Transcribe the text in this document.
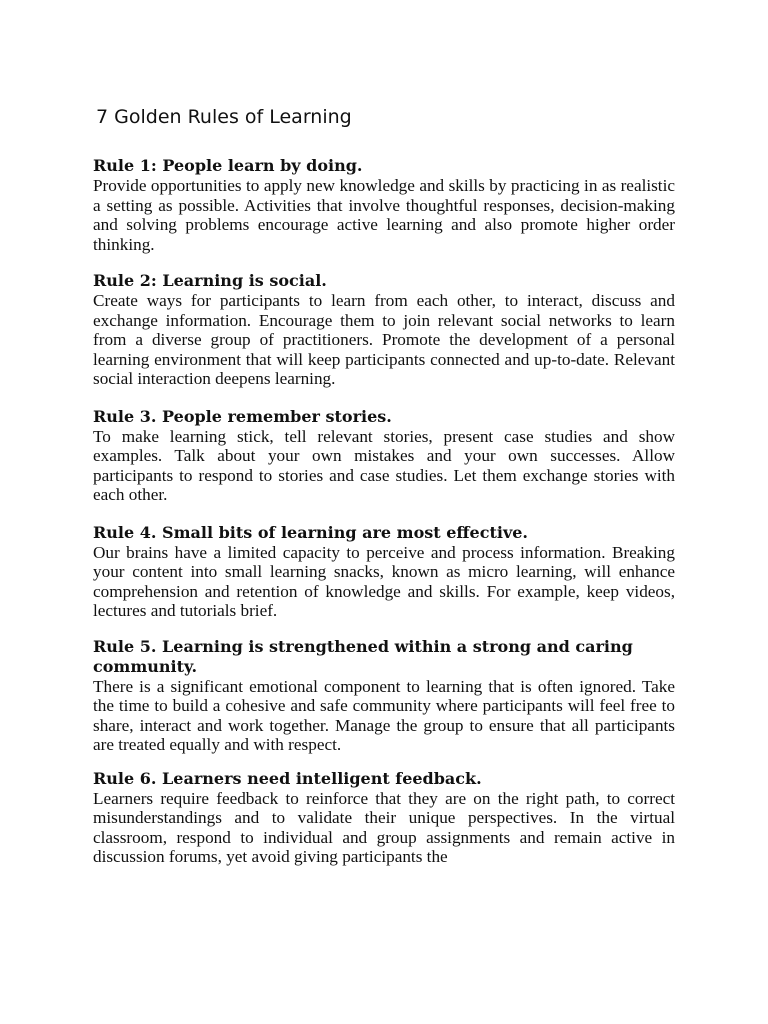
7 Golden Rules of Learning
Rule 1: People learn by doing.

Provide opportunities to apply new knowledge and skills by practicing in as realistic a setting as possible. Activities that involve thoughtful responses, decision-making and solving problems encourage active learning and also promote higher order thinking.

Rule 2: Learning is social.

Create ways for participants to learn from each other, to interact, discuss and exchange information. Encourage them to join relevant social networks to learn from a diverse group of practitioners. Promote the development of a personal learning environment that will keep participants connected and up-to-date. Relevant social interaction deepens learning.

Rule 3. People remember stories.

To make learning stick, tell relevant stories, present case studies and show examples. Talk about your own mistakes and your own successes. Allow participants to respond to stories and case studies. Let them exchange stories with each other.

Rule 4. Small bits of learning are most effective.

Our brains have a limited capacity to perceive and process information. Breaking your content into small learning snacks, known as micro learning, will enhance comprehension and retention of knowledge and skills. For example, keep videos, lectures and tutorials brief.

Rule 5. Learning is strengthened within a strong and caring community.

There is a significant emotional component to learning that is often ignored. Take the time to build a cohesive and safe community where participants will feel free to share, interact and work together. Manage the group to ensure that all participants are treated equally and with respect.

Rule 6. Learners need intelligent feedback.

Learners require feedback to reinforce that they are on the right path, to correct misunderstandings and to validate their unique perspectives. In the virtual classroom, respond to individual and group assignments and remain active in discussion forums, yet avoid giving participants the
